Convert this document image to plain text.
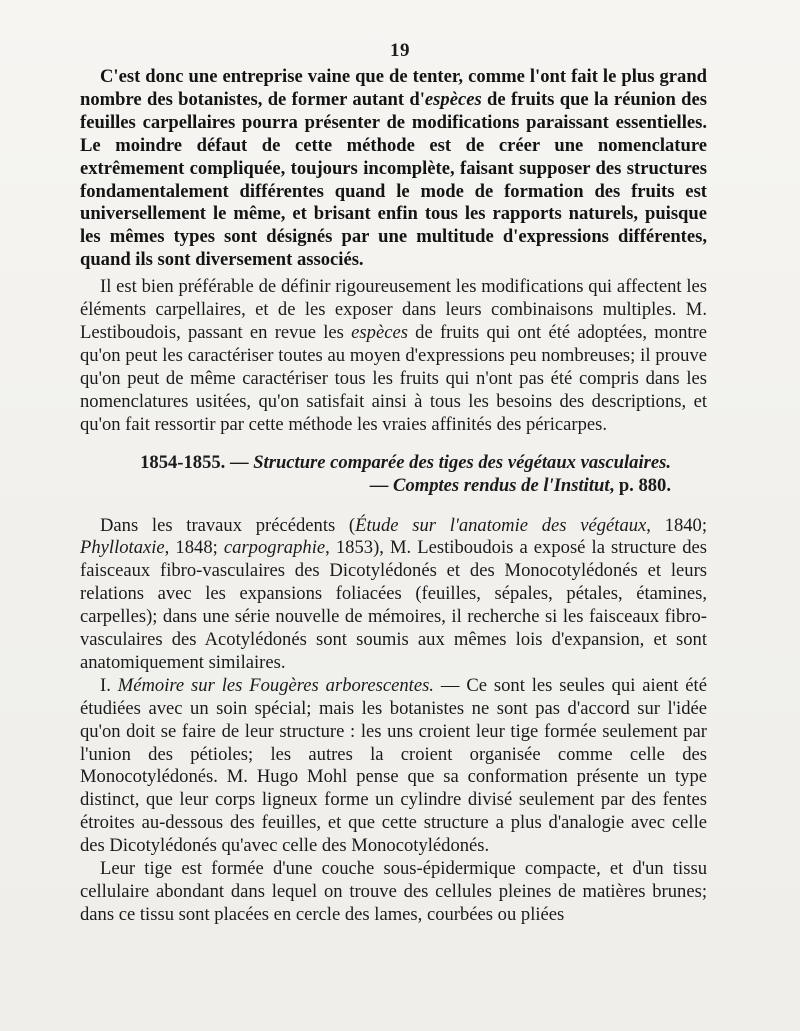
19

C'est donc une entreprise vaine que de tenter, comme l'ont fait le plus grand nombre des botanistes, de former autant d'espèces de fruits que la réunion des feuilles carpellaires pourra présenter de modifications paraissant essentielles. Le moindre défaut de cette méthode est de créer une nomenclature extrêmement compliquée, toujours incomplète, faisant supposer des structures fondamentalement différentes quand le mode de formation des fruits est universellement le même, et brisant enfin tous les rapports naturels, puisque les mêmes types sont désignés par une multitude d'expressions différentes, quand ils sont diversement associés.

Il est bien préférable de définir rigoureusement les modifications qui affectent les éléments carpellaires, et de les exposer dans leurs combinaisons multiples. M. Lestiboudois, passant en revue les espèces de fruits qui ont été adoptées, montre qu'on peut les caractériser toutes au moyen d'expressions peu nombreuses; il prouve qu'on peut de même caractériser tous les fruits qui n'ont pas été compris dans les nomenclatures usitées, qu'on satisfait ainsi à tous les besoins des descriptions, et qu'on fait ressortir par cette méthode les vraies affinités des péricarpes.

1854-1855. — Structure comparée des tiges des végétaux vasculaires.

— Comptes rendus de l'Institut, p. 880.

Dans les travaux précédents (Étude sur l'anatomie des végétaux, 1840; Phyllotaxie, 1848; carpographie, 1853), M. Lestiboudois a exposé la structure des faisceaux fibro-vasculaires des Dicotylédonés et des Monocotylédonés et leurs relations avec les expansions foliacées (feuilles, sépales, pétales, étamines, carpelles); dans une série nouvelle de mémoires, il recherche si les faisceaux fibro-vasculaires des Acotylédonés sont soumis aux mêmes lois d'expansion, et sont anatomiquement similaires.

I. Mémoire sur les Fougères arborescentes. — Ce sont les seules qui aient été étudiées avec un soin spécial; mais les botanistes ne sont pas d'accord sur l'idée qu'on doit se faire de leur structure : les uns croient leur tige formée seulement par l'union des pétioles; les autres la croient organisée comme celle des Monocotylédonés. M. Hugo Mohl pense que sa conformation présente un type distinct, que leur corps ligneux forme un cylindre divisé seulement par des fentes étroites au-dessous des feuilles, et que cette structure a plus d'analogie avec celle des Dicotylédonés qu'avec celle des Monocotylédonés.

Leur tige est formée d'une couche sous-épidermique compacte, et d'un tissu cellulaire abondant dans lequel on trouve des cellules pleines de matières brunes; dans ce tissu sont placées en cercle des lames, courbées ou pliées
